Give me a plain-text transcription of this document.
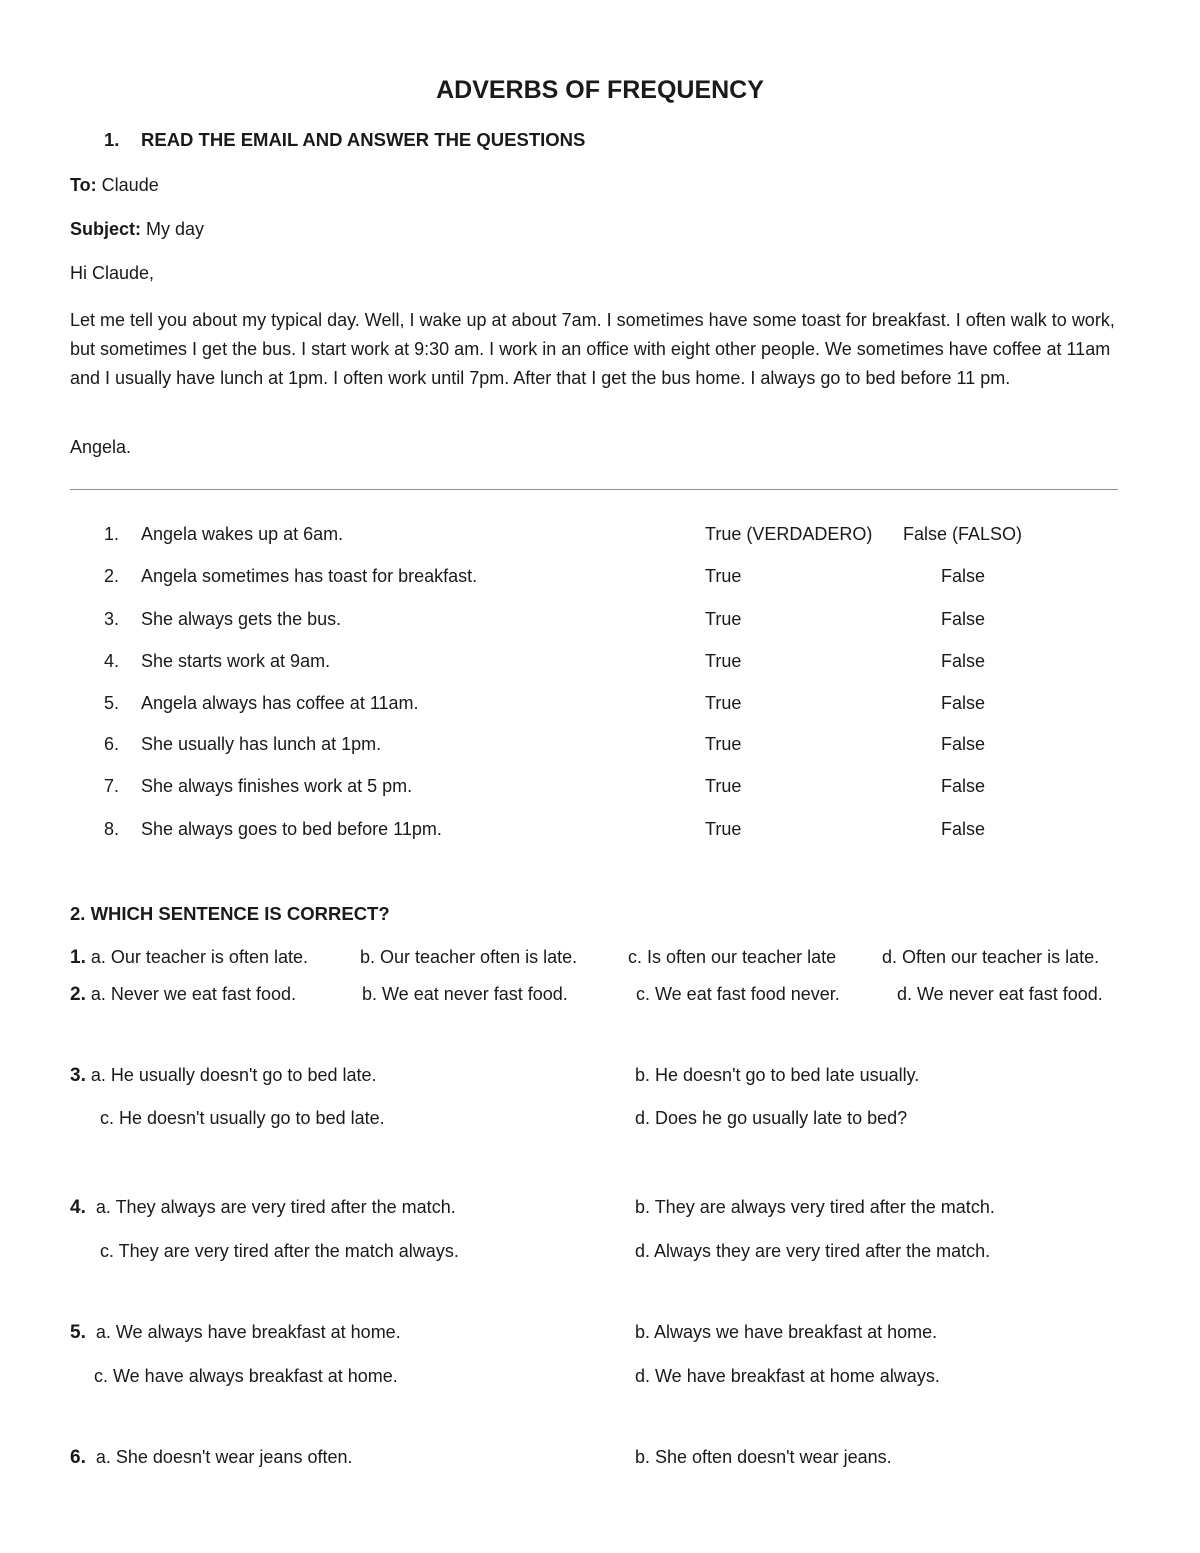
ADVERBS OF FREQUENCY
1. READ THE EMAIL AND ANSWER THE QUESTIONS
To: Claude
Subject: My day
Hi Claude,
Let me tell you about my typical day. Well, I wake up at about 7am. I sometimes have some toast for breakfast. I often walk to work, but sometimes I get the bus. I start work at 9:30 am. I work in an office with eight other people. We sometimes have coffee at 11am and I usually have lunch at 1pm. I often work until 7pm. After that I get the bus home. I always go to bed before 11 pm.
Angela.
1. Angela wakes up at 6am.	True (VERDADERO) False (FALSO)
2. Angela sometimes has toast for breakfast.	True	False
3. She always gets the bus.	True	False
4. She starts work at 9am.	True	False
5. Angela always has coffee at 11am.	True	False
6. She usually has lunch at 1pm.	True	False
7. She always finishes work at 5 pm.	True	False
8. She always goes to bed before 11pm.	True	False
2. WHICH SENTENCE IS CORRECT?
1. a. Our teacher is often late.	b. Our teacher often is late.	c. Is often our teacher late	d. Often our teacher is late.
2. a. Never we eat fast food.	b. We eat never fast food.	c. We eat fast food never.	d. We never eat fast food.
3. a. He usually doesn't go to bed late.	b. He doesn't go to bed late usually.
c. He doesn't usually go to bed late.	d. Does he go usually late to bed?
4. a. They always are very tired after the match.	b. They are always very tired after the match.
c. They are very tired after the match always.	d. Always they are very tired after the match.
5. a. We always have breakfast at home.	b. Always we have breakfast at home.
c. We have always breakfast at home.	d. We have breakfast at home always.
6. a. She doesn't wear jeans often.	b. She often doesn't wear jeans.
